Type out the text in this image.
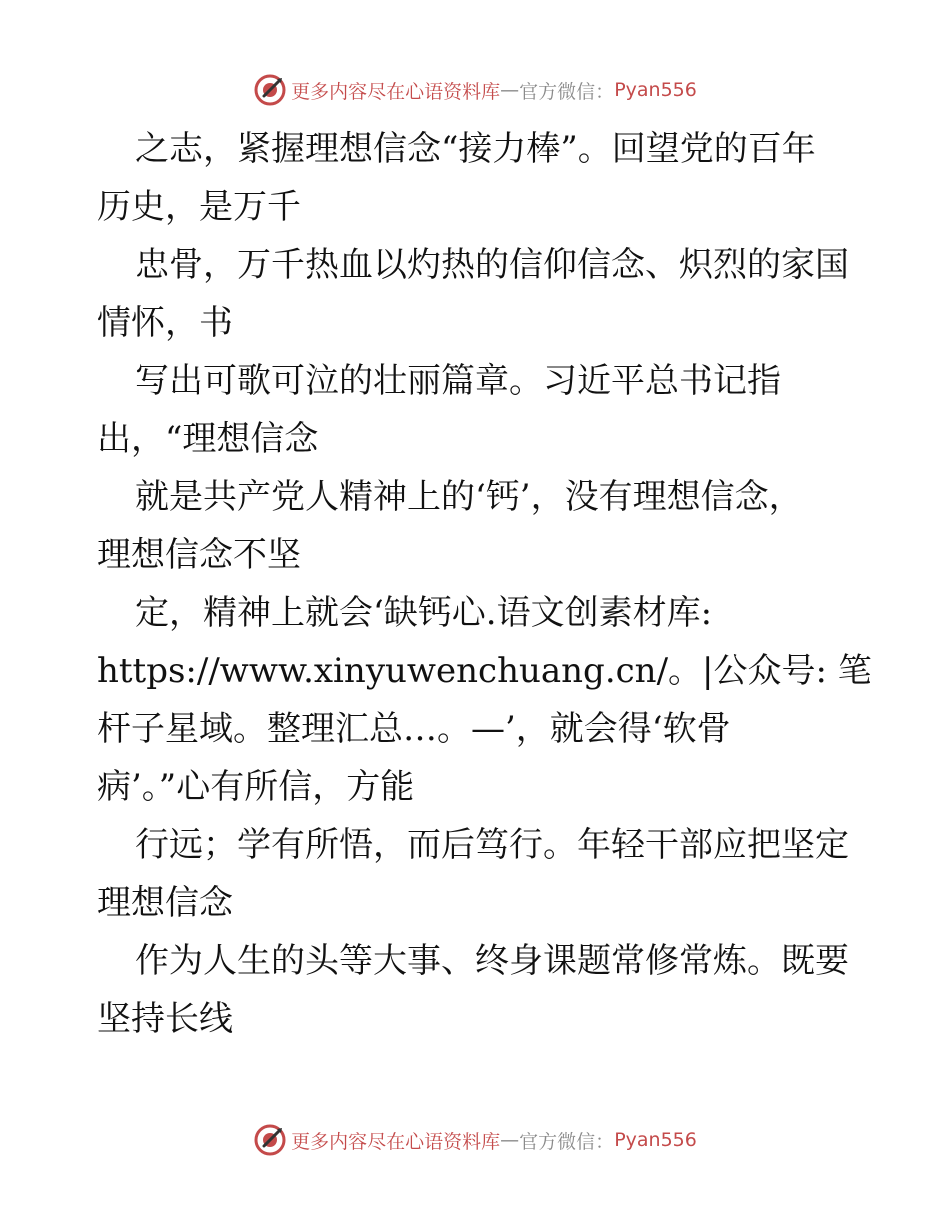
更多内容尽在心语资料库 — 官方微信： Pyan556
之志，紧握理想信念“接力棒”。回望党的百年
历史，是万千
忠骨，万千热血以灼热的信仰信念、炽烈的家国
情怀，书
写出可歌可泣的壮丽篇章。习近平总书记指
出，“理想信念
就是共产党人精神上的‘钙’，没有理想信念，
理想信念不坚
定，精神上就会‘缺钙心.语文创素材库:
https://www.xinyuwenchuang.cn/。|公众号: 笔
杆子星域。整理汇总…。—’，就会得‘软骨
病’。”心有所信，方能
行远；学有所悟，而后笃行。年轻干部应把坚定
理想信念
作为人生的头等大事、终身课题常修常炼。既要
坚持长线
更多内容尽在心语资料库 — 官方微信： Pyan556
